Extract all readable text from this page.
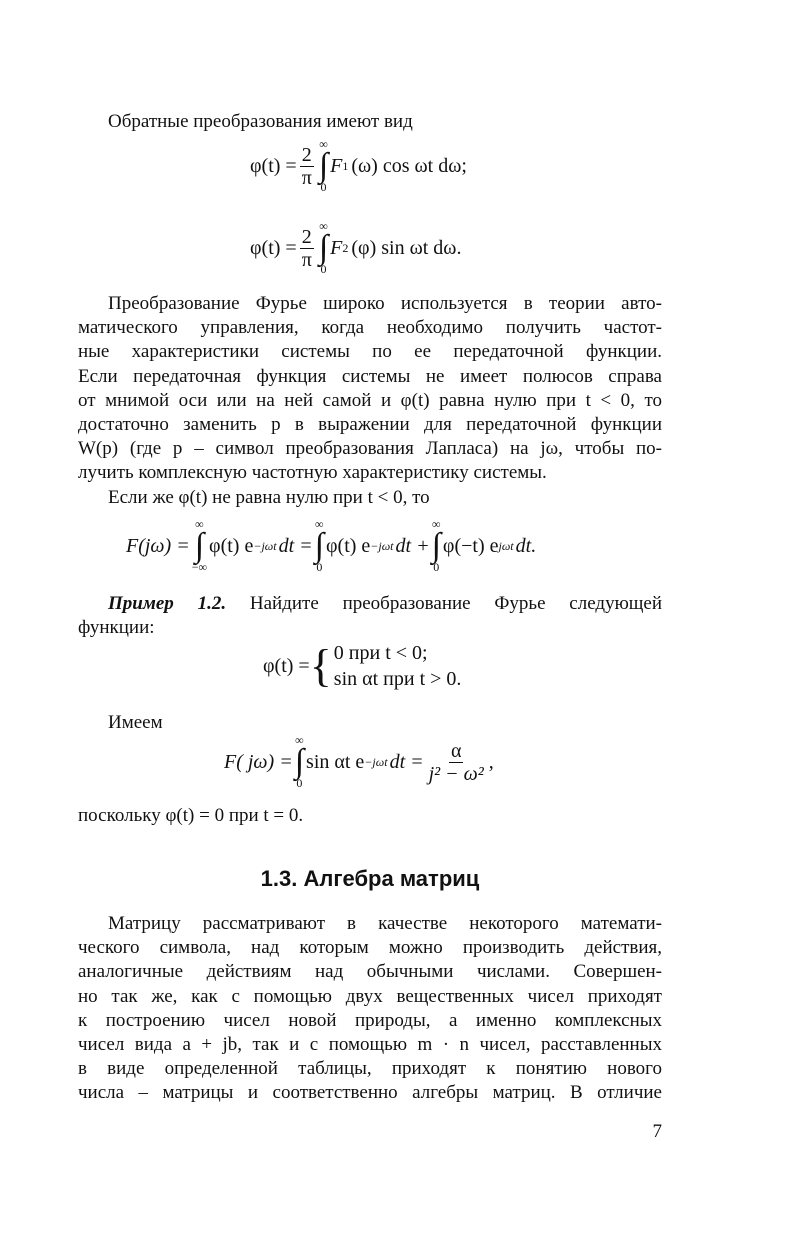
Обратные преобразования имеют вид

$\varphi(t) = \frac{2}{\pi}$ ∞
∫
0
F 1 (ω) cos ωt dω;
$\varphi(t) = \frac{2}{\pi}$ ∞
∫
0
F 2 (φ) sin ωt dω.

Преобразование Фурье широко используется в теории авто-

матического управления, когда необходимо получить частот-

ные характеристики системы по ее передаточной функции.

Если передаточная функция системы не имеет полюсов справа

от мнимой оси или на ней самой и φ(t) равна нулю при t < 0, то

достаточно заменить p в выражении для передаточной функции

W(p) (где p – символ преобразования Лапласа) на jω, чтобы по-

лучить комплексную частотную характеристику системы.

Если же φ(t) не равна нулю при t < 0, то

F(jω) =
∞
∫
−∞
φ(t) e −jωt dt =
∞
∫
0
φ(t) e −jωt dt +
∞
∫
0
φ(−t) e jωt dt.

Пример 1.2. Найдите преобразование Фурье следующей

функции:

φ(t) = { 0 при t < 0;
sin αt при t > 0.

Имеем

F( jω) =
∞
∫
0
sin αt e −jωt dt = $\frac{\alpha}{\text{j² − ω²}}$ ,

поскольку φ(t) = 0 при t = 0.

1.3. Алгебра матриц

Матрицу рассматривают в качестве некоторого математи-

ческого символа, над которым можно производить действия,

аналогичные действиям над обычными числами. Совершен-

но так же, как с помощью двух вещественных чисел приходят

к построению чисел новой природы, а именно комплексных

чисел вида a + jb, так и с помощью m · n чисел, расставленных

в виде определенной таблицы, приходят к понятию нового

числа – матрицы и соответственно алгебры матриц. В отличие

7
